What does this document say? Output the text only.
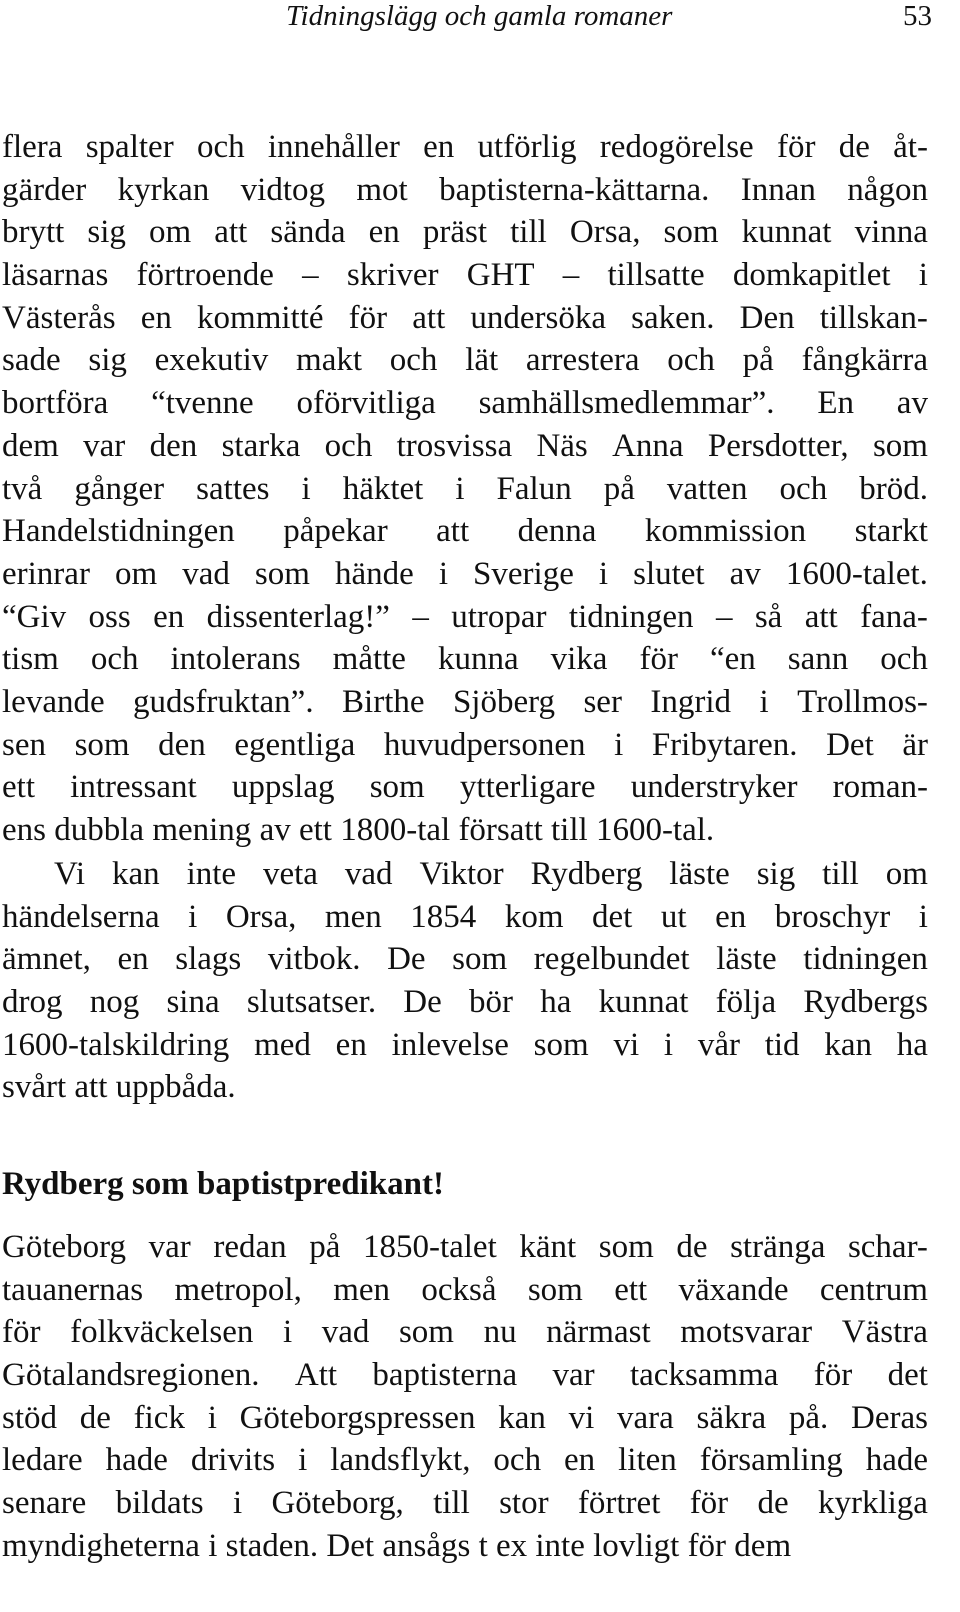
Tidningslägg och gamla romaner	53
flera spalter och innehåller en utförlig redogörelse för de åt-
gärder kyrkan vidtog mot baptisterna-kättarna. Innan någon
brytt sig om att sända en präst till Orsa, som kunnat vinna
läsarnas förtroende – skriver GHT – tillsatte domkapitlet i
Västerås en kommitté för att undersöka saken. Den tillskan-
sade sig exekutiv makt och lät arrestera och på fångkärra
bortföra “tvenne oförvitliga samhällsmedlemmar”. En av
dem var den starka och trosvissa Näs Anna Persdotter, som
två gånger sattes i häktet i Falun på vatten och bröd.
Handelstidningen påpekar att denna kommission starkt
erinrar om vad som hände i Sverige i slutet av 1600-talet.
“Giv oss en dissenterlag!” – utropar tidningen – så att fana-
tism och intolerans måtte kunna vika för “en sann och
levande gudsfruktan”. Birthe Sjöberg ser Ingrid i Trollmos-
sen som den egentliga huvudpersonen i Fribytaren. Det är
ett intressant uppslag som ytterligare understryker roman-
ens dubbla mening av ett 1800-tal försatt till 1600-tal.
Vi kan inte veta vad Viktor Rydberg läste sig till om
händelserna i Orsa, men 1854 kom det ut en broschyr i
ämnet, en slags vitbok. De som regelbundet läste tidningen
drog nog sina slutsatser. De bör ha kunnat följa Rydbergs
1600-talskildring med en inlevelse som vi i vår tid kan ha
svårt att uppbåda.
Rydberg som baptistpredikant!
Göteborg var redan på 1850-talet känt som de stränga schar-
tauanernas metropol, men också som ett växande centrum
för folkväckelsen i vad som nu närmast motsvarar Västra
Götalandsregionen. Att baptisterna var tacksamma för det
stöd de fick i Göteborgspressen kan vi vara säkra på. Deras
ledare hade drivits i landsflykt, och en liten församling hade
senare bildats i Göteborg, till stor förtret för de kyrkliga
myndigheterna i staden. Det ansågs t ex inte lovligt för dem
